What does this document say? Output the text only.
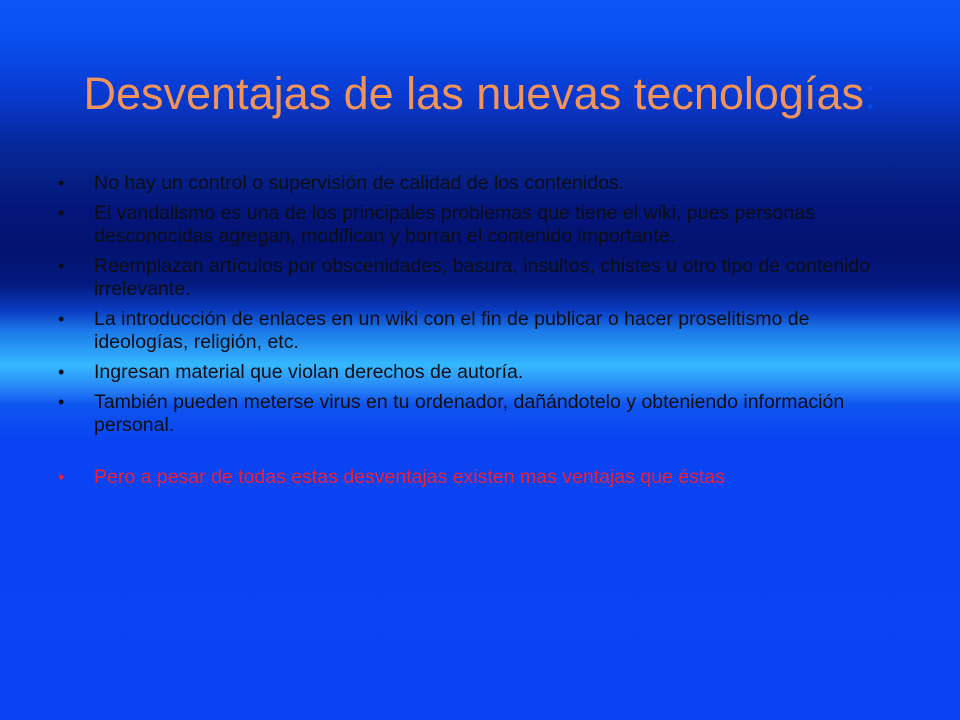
Desventajas de las nuevas tecnologías:
• No hay un control o supervisión de calidad de los contenidos.
• El vandalismo es una de los principales problemas que tiene el wiki, pues personas desconocidas agregan, modifican y borran el contenido importante.
• Reemplazan artículos por obscenidades, basura, insultos, chistes u otro tipo de contenido irrelevante.
• La introducción de enlaces en un wiki con el fin de publicar o hacer proselitismo de ideologías, religión, etc.
• Ingresan material que violan derechos de autoría.
• También pueden meterse virus en tu ordenador, dañándotelo y obteniendo información personal.
• Pero a pesar de todas estas desventajas existen mas ventajas que éstas
